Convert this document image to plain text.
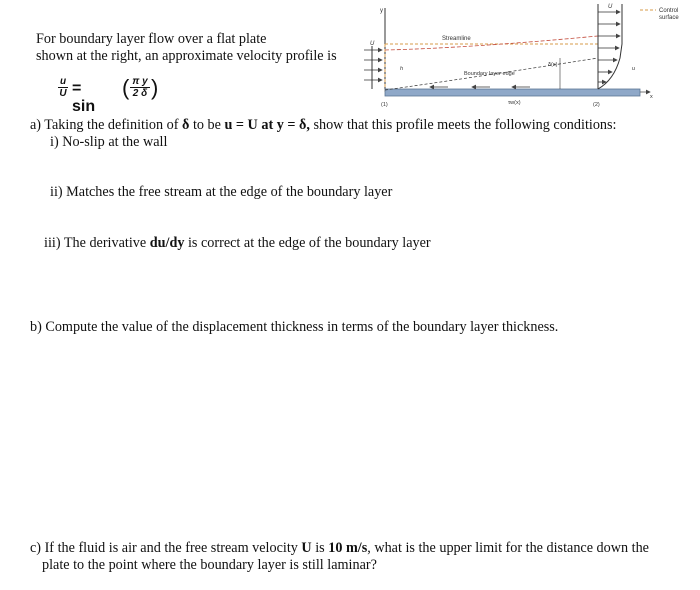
For boundary layer flow over a flat plate
shown at the right, an approximate velocity profile is
u
U = sin
( π y
2 δ )
y
x
U
(1)
Streamline
Boundary layer edge
h
δ(x)
τw(x)
U
u
(2)
Control
surface
a) Taking the definition of δ to be u = U at y = δ, show that this profile meets the following conditions:
i) No-slip at the wall
ii) Matches the free stream at the edge of the boundary layer
iii) The derivative du/dy is correct at the edge of the boundary layer
b) Compute the value of the displacement thickness in terms of the boundary layer thickness.
c) If the fluid is air and the free stream velocity U is 10 m/s, what is the upper limit for the distance down the
plate to the point where the boundary layer is still laminar?
